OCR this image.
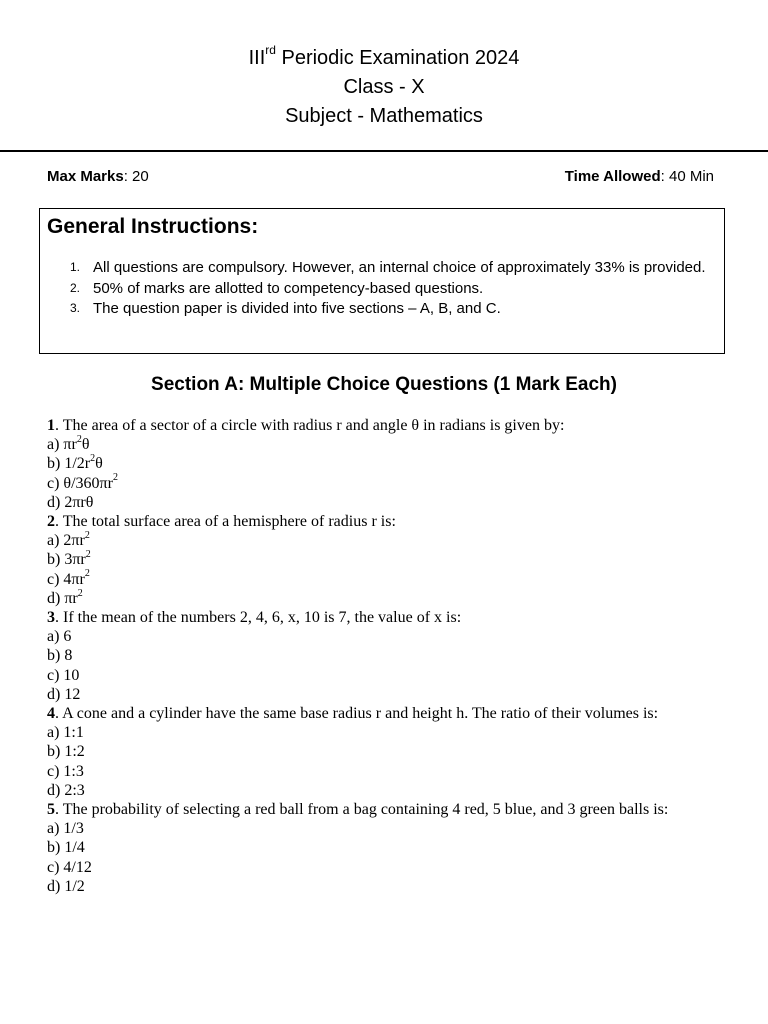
IIIrd Periodic Examination 2024
Class - X
Subject - Mathematics
Max Marks: 20	Time Allowed: 40 Min
General Instructions:
1. All questions are compulsory. However, an internal choice of approximately 33% is provided.
2. 50% of marks are allotted to competency-based questions.
3. The question paper is divided into five sections – A, B, and C.
Section A: Multiple Choice Questions (1 Mark Each)
1. The area of a sector of a circle with radius r and angle θ in radians is given by:
a) $\pi r^2\theta$
b) $1/2r^2\theta$
c) $\theta/360\pi r^2$
d) 2πrθ
2. The total surface area of a hemisphere of radius r is:
a) $2\pi r^2$
b) $3\pi r^2$
c) $4\pi r^2$
d) $\pi r^2$
3. If the mean of the numbers 2, 4, 6, x, 10 is 7, the value of x is:
a) 6
b) 8
c) 10
d) 12
4. A cone and a cylinder have the same base radius r and height h. The ratio of their volumes is:
a) 1:1
b) 1:2
c) 1:3
d) 2:3
5. The probability of selecting a red ball from a bag containing 4 red, 5 blue, and 3 green balls is:
a) 1/3
b) 1/4
c) 4/12
d) 1/2
